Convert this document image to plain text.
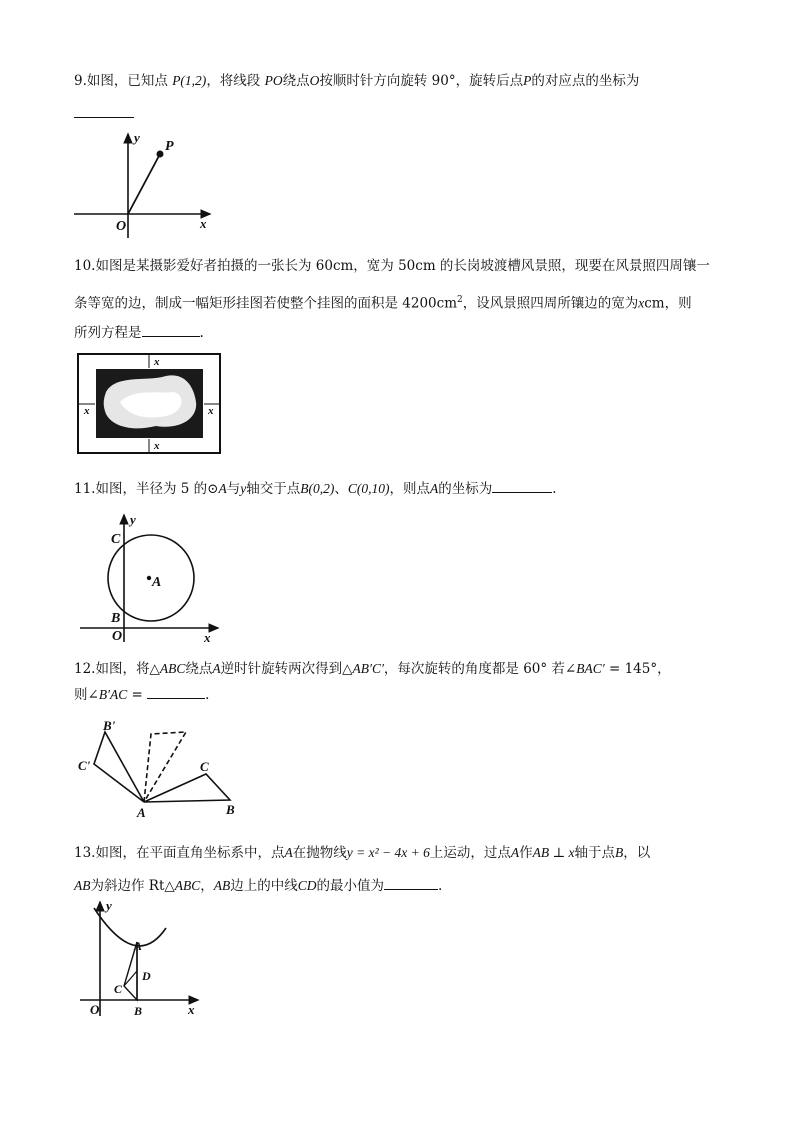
9.如图，已知点 P(1,2)，将线段 PO绕点O按顺时针方向旋转 90°，旋转后点P的对应点的坐标为
y
P
x
O
10.如图是某摄影爱好者拍摄的一张长为 60cm，宽为 50cm 的长岗坡渡槽风景照，现要在风景照四周镶一
条等宽的边，制成一幅矩形挂图若使整个挂图的面积是 $4200cm^2$，设风景照四周所镶边的宽为xcm，则
所列方程是	.
x
x	x
x
11.如图，半径为 5 的⊙A与y轴交于点B(0,2)、C(0,10)，则点A的坐标为	.
y
C
A
B
O	x
12.如图，将△ABC绕点A逆时针旋转两次得到△AB′C′，每次旋转的角度都是 60° 若∠BAC′ = 145°，
则∠B′AC =	.
B'
C'	C
A	B
13.如图，在平面直角坐标系中，点A在抛物线y = x² − 4x + 6上运动，过点A作AB ⊥ x轴于点B，以
AB为斜边作 Rt△ABC，AB边上的中线CD的最小值为	.
y
A
D
C
O	B	x
